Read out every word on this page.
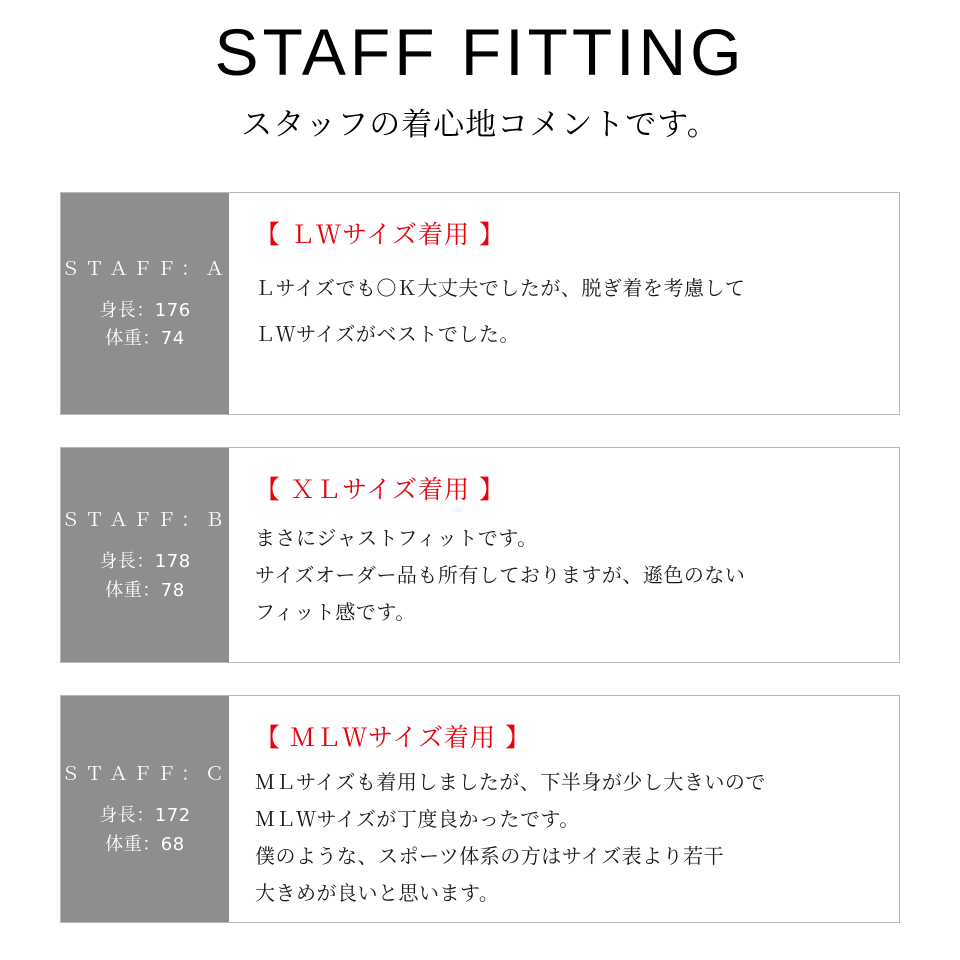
STAFF FITTING

スタッフの着心地コメントです。

ＳＴＡＦＦ：Ａ
身長：176
体重：74
【 ＬＷサイズ着用 】
Ｌサイズでも〇Ｋ大丈夫でしたが、脱ぎ着を考慮して
ＬＷサイズがベストでした。
ＳＴＡＦＦ：Ｂ
身長：178
体重：78
【 ＸＬサイズ着用 】
まさにジャストフィットです。
サイズオーダー品も所有しておりますが、遜色のない
フィット感です。
ＳＴＡＦＦ：Ｃ
身長：172
体重：68
【 ＭＬＷサイズ着用 】
ＭＬサイズも着用しましたが、下半身が少し大きいので
ＭＬＷサイズが丁度良かったです。
僕のような、スポーツ体系の方はサイズ表より若干
大きめが良いと思います。
